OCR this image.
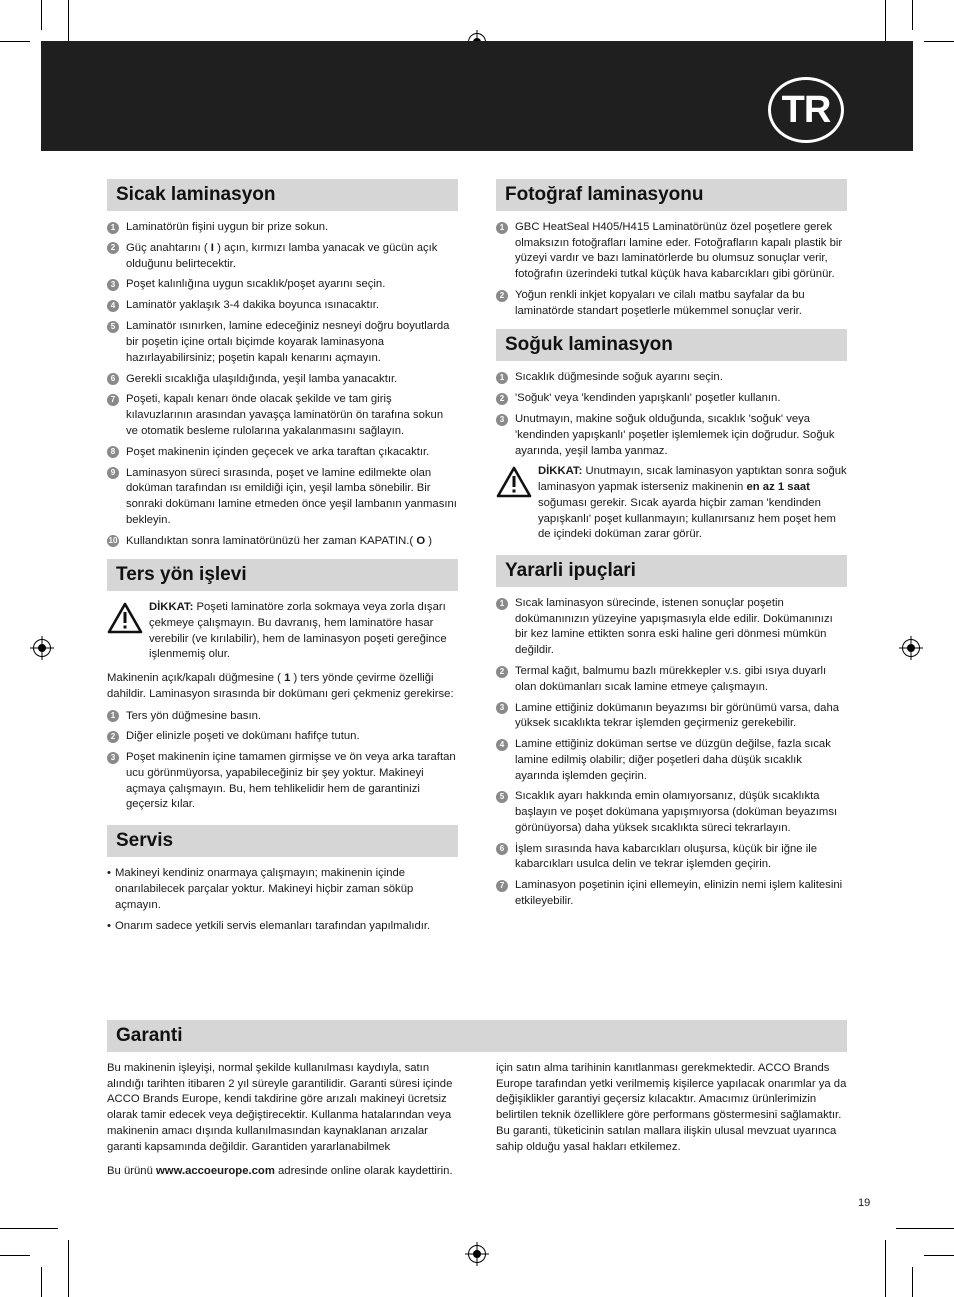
TR
Sicak laminasyon
1 Laminatörün fişini uygun bir prize sokun.
2 Güç anahtarını ( I ) açın, kırmızı lamba yanacak ve gücün açık olduğunu belirtecektir.
3 Poşet kalınlığına uygun sıcaklık/poşet ayarını seçin.
4 Laminatör yaklaşık 3-4 dakika boyunca ısınacaktır.
5 Laminatör ısınırken, lamine edeceğiniz nesneyi doğru boyutlarda bir poşetin içine ortalı biçimde koyarak laminasyona hazırlayabilirsiniz; poşetin kapalı kenarını açmayın.
6 Gerekli sıcaklığa ulaşıldığında, yeşil lamba yanacaktır.
7 Poşeti, kapalı kenarı önde olacak şekilde ve tam giriş kılavuzlarının arasından yavaşça laminatörün ön tarafına sokun ve otomatik besleme rulolarına yakalanmasını sağlayın.
8 Poşet makinenin içinden geçecek ve arka taraftan çıkacaktır.
9 Laminasyon süreci sırasında, poşet ve lamine edilmekte olan doküman tarafından ısı emildiği için, yeşil lamba sönebilir. Bir sonraki dokümanı lamine etmeden önce yeşil lambanın yanmasını bekleyin.
10 Kullandıktan sonra laminatörünüzü her zaman KAPATIN.( O )
Ters yön işlevi
DİKKAT: Poşeti laminatöre zorla sokmaya veya zorla dışarı çekmeye çalışmayın. Bu davranış, hem laminatöre hasar verebilir (ve kırılabilir), hem de laminasyon poşeti gereğince işlenmemiş olur.
Makinenin açık/kapalı düğmesine ( 1 ) ters yönde çevirme özelliği dahildir. Laminasyon sırasında bir dokümanı geri çekmeniz gerekirse:
1 Ters yön düğmesine basın.
2 Diğer elinizle poşeti ve dokümanı hafifçe tutun.
3 Poşet makinenin içine tamamen girmişse ve ön veya arka taraftan ucu görünmüyorsa, yapabileceğiniz bir şey yoktur. Makineyi açmaya çalışmayın. Bu, hem tehlikelidir hem de garantinizi geçersiz kılar.
Servis
• Makineyi kendiniz onarmaya çalışmayın; makinenin içinde onarılabilecek parçalar yoktur. Makineyi hiçbir zaman söküp açmayın.
• Onarım sadece yetkili servis elemanları tarafından yapılmalıdır.
Fotoğraf laminasyonu
1 GBC HeatSeal H405/H415 Laminatörünüz özel poşetlere gerek olmaksızın fotoğrafları lamine eder. Fotoğrafların kapalı plastik bir yüzeyi vardır ve bazı laminatörlerde bu olumsuz sonuçlar verir, fotoğrafın üzerindeki tutkal küçük hava kabarcıkları gibi görünür.
2 Yoğun renkli inkjet kopyaları ve cilalı matbu sayfalar da bu laminatörde standart poşetlerle mükemmel sonuçlar verir.
Soğuk laminasyon
1 Sıcaklık düğmesinde soğuk ayarını seçin.
2 'Soğuk' veya 'kendinden yapışkanlı' poşetler kullanın.
3 Unutmayın, makine soğuk olduğunda, sıcaklık 'soğuk' veya 'kendinden yapışkanlı' poşetler işlemlemek için doğrudur. Soğuk ayarında, yeşil lamba yanmaz.
DİKKAT: Unutmayın, sıcak laminasyon yaptıktan sonra soğuk laminasyon yapmak isterseniz makinenin en az 1 saat soğuması gerekir. Sıcak ayarda hiçbir zaman 'kendinden yapışkanlı' poşet kullanmayın; kullanırsanız hem poşet hem de içindeki doküman zarar görür.
Yararli ipuçlari
1 Sıcak laminasyon sürecinde, istenen sonuçlar poşetin dokümanınızın yüzeyine yapışmasıyla elde edilir. Dokümanınızı bir kez lamine ettikten sonra eski haline geri dönmesi mümkün değildir.
2 Termal kağıt, balmumu bazlı mürekkepler v.s. gibi ısıya duyarlı olan dokümanları sıcak lamine etmeye çalışmayın.
3 Lamine ettiğiniz dokümanın beyazımsı bir görünümü varsa, daha yüksek sıcaklıkta tekrar işlemden geçirmeniz gerekebilir.
4 Lamine ettiğiniz doküman sertse ve düzgün değilse, fazla sıcak lamine edilmiş olabilir; diğer poşetleri daha düşük sıcaklık ayarında işlemden geçirin.
5 Sıcaklık ayarı hakkında emin olamıyorsanız, düşük sıcaklıkta başlayın ve poşet dokümana yapışmıyorsa (doküman beyazımsı görünüyorsa) daha yüksek sıcaklıkta süreci tekrarlayın.
6 İşlem sırasında hava kabarcıkları oluşursa, küçük bir iğne ile kabarcıkları usulca delin ve tekrar işlemden geçirin.
7 Laminasyon poşetinin içini ellemeyin, elinizin nemi işlem kalitesini etkileyebilir.
Garanti
Bu makinenin işleyişi, normal şekilde kullanılması kaydıyla, satın alındığı tarihten itibaren 2 yıl süreyle garantilidir. Garanti süresi içinde ACCO Brands Europe, kendi takdirine göre arızalı makineyi ücretsiz olarak tamir edecek veya değiştirecektir. Kullanma hatalarından veya makinenin amacı dışında kullanılmasından kaynaklanan arızalar garanti kapsamında değildir. Garantiden yararlanabilmek
Bu ürünü www.accoeurope.com adresinde online olarak kaydettirin.
için satın alma tarihinin kanıtlanması gerekmektedir. ACCO Brands Europe tarafından yetki verilmemiş kişilerce yapılacak onarımlar ya da değişiklikler garantiyi geçersiz kılacaktır. Amacımız ürünlerimizin belirtilen teknik özelliklere göre performans göstermesini sağlamaktır. Bu garanti, tüketicinin satılan mallara ilişkin ulusal mevzuat uyarınca sahip olduğu yasal hakları etkilemez.
19
